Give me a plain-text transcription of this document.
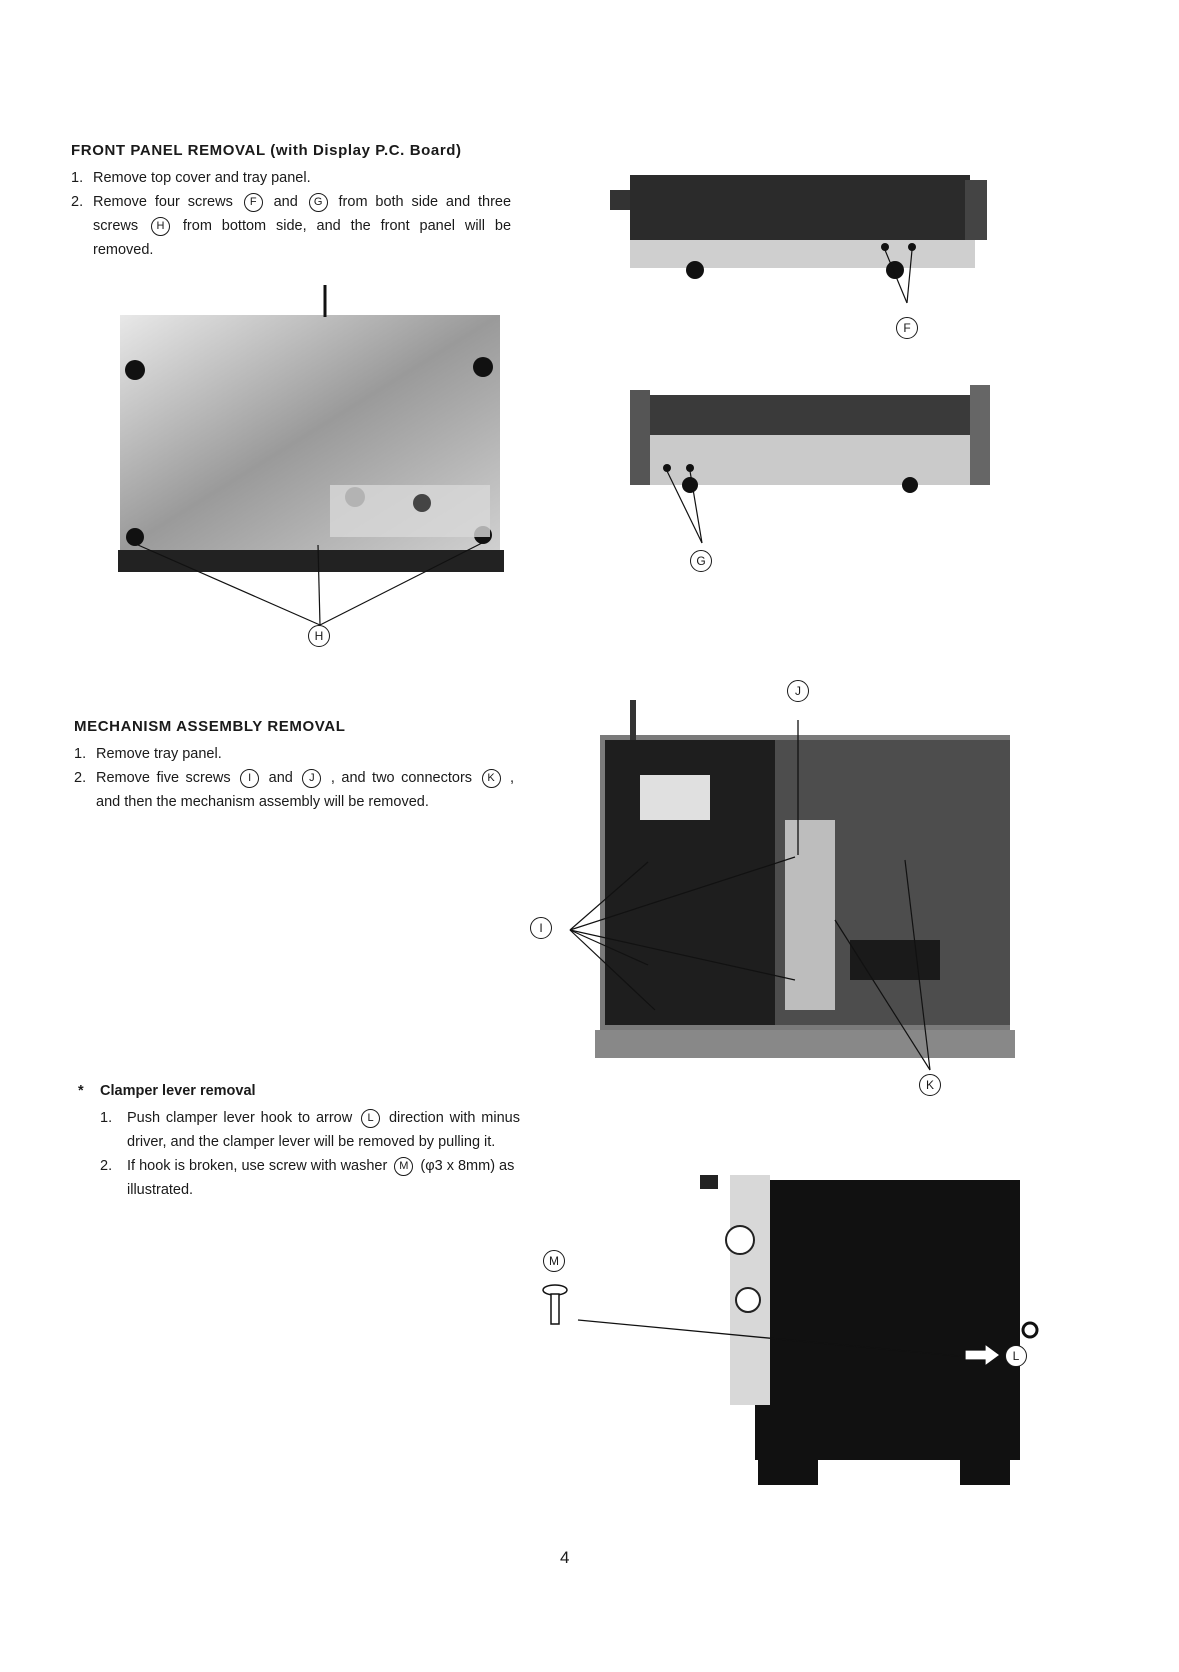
FRONT PANEL REMOVAL (with Display P.C. Board)
1. Remove top cover and tray panel.
2. Remove four screws F and G from both side and three screws H from bottom side, and the front panel will be removed.
H
F
G
MECHANISM ASSEMBLY REMOVAL
1. Remove tray panel.
2. Remove five screws I and J , and two connectors K , and then the mechanism assembly will be removed.
J
I
K
* Clamper lever removal
1. Push clamper lever hook to arrow L direction with minus driver, and the clamper lever will be removed by pulling it.
2. If hook is broken, use screw with washer M (φ3 x 8mm) as illustrated.
M
L
4
